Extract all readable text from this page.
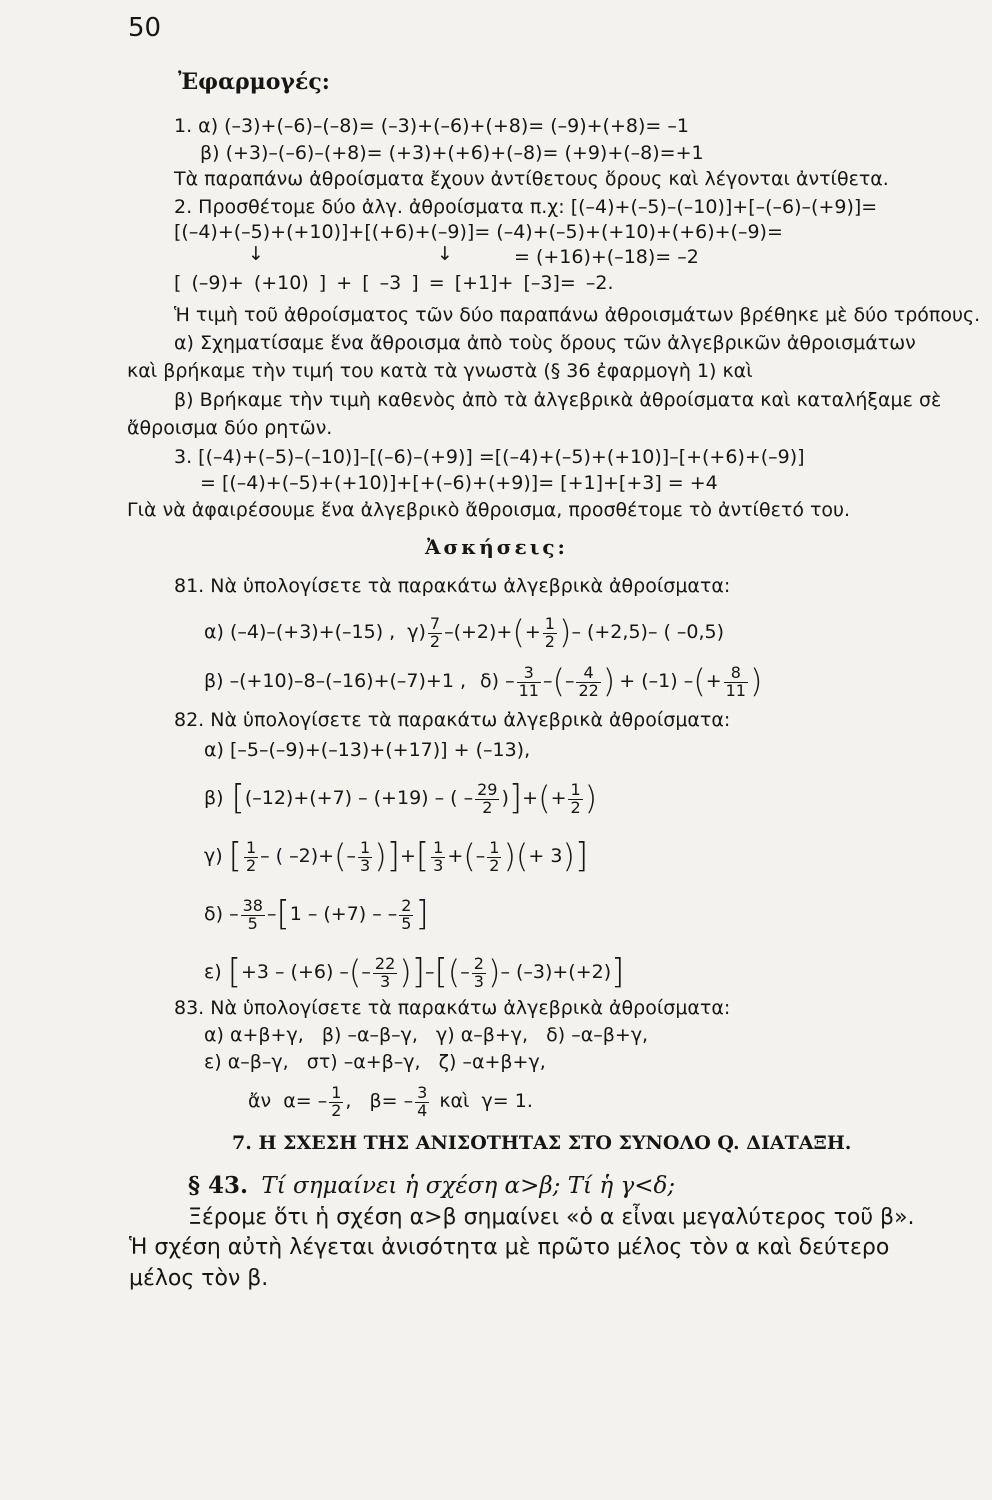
50
Ἐφαρμογές:
1. α) (–3)+(–6)–(–8)= (–3)+(–6)+(+8)= (–9)+(+8)= –1
β) (+3)–(–6)–(+8)= (+3)+(+6)+(–8)= (+9)+(–8)=+1
Τὰ παραπάνω ἀθροίσματα ἔχουν ἀντίθετους ὅρους καὶ λέγονται ἀντίθετα.
2. Προσθέτομε δύο ἀλγ. ἀθροίσματα π.χ: [(–4)+(–5)–(–10)]+[–(–6)–(+9)]=
[(–4)+(–5)+(+10)]+[(+6)+(–9)]= (–4)+(–5)+(+10)+(+6)+(–9)=
↓	↓	= (+16)+(–18)= –2
[ (–9)+ (+10) ] + [ –3 ] = [+1]+ [–3]= –2.
Ἡ τιμὴ τοῦ ἀθροίσματος τῶν δύο παραπάνω ἀθροισμάτων βρέθηκε μὲ δύο τρόπους.
α) Σχηματίσαμε ἕνα ἄθροισμα ἀπὸ τοὺς ὅρους τῶν ἀλγεβρικῶν ἀθροισμάτων
καὶ βρήκαμε τὴν τιμή του κατὰ τὰ γνωστὰ (§ 36 ἐφαρμογὴ 1) καὶ
β) Βρήκαμε τὴν τιμὴ καθενὸς ἀπὸ τὰ ἀλγεβρικὰ ἀθροίσματα καὶ καταλήξαμε σὲ
ἄθροισμα δύο ρητῶν.
3. [(–4)+(–5)–(–10)]–[(–6)–(+9)] =[(–4)+(–5)+(+10)]–[+(+6)+(–9)]
= [(–4)+(–5)+(+10)]+[+(–6)+(+9)]= [+1]+[+3] = +4
Γιὰ νὰ ἀφαιρέσουμε ἕνα ἀλγεβρικὸ ἄθροισμα, προσθέτομε τὸ ἀντίθετό του.
Ἀσκήσεις:
81. Νὰ ὑπολογίσετε τὰ παρακάτω ἀλγεβρικὰ ἀθροίσματα:
α) (–4)–(+3)+(–15) , $\gamma) \frac{7}{2} -(+2)+$ ( + $\frac{1}{2}$ ) – (+2,5)– ( –0,5)
β) –(+10)–8–(–16)+(–7)+1 , $\delta) - \frac{3}{11}$ – ( – $\frac{4}{22}$ ) + (–1) – ( + $\frac{8}{11}$ )
82. Νὰ ὑπολογίσετε τὰ παρακάτω ἀλγεβρικὰ ἀθροίσματα:
α) [–5–(–9)+(–13)+(+17)] + (–13),
β) [ (–12)+(+7) – (+19) – ( – $\frac{29}{2}$ ) ] + ( + $\frac{1}{2}$ )
γ) [ $\frac{1}{2}$ – ( –2)+ ( – $\frac{1}{3}$ ) ] + [ $\frac{1}{3}$ + ( – $\frac{1}{2}$ ) ( + 3 ) ]
$\delta) - \frac{38}{5}$ – [ 1 – (+7) – – $\frac{2}{5}$ ]
ε) [ +3 – (+6) – ( – $\frac{22}{3}$ ) ] – [ ( – $\frac{2}{3}$ ) – (–3)+(+2) ]
83. Νὰ ὑπολογίσετε τὰ παρακάτω ἀλγεβρικὰ ἀθροίσματα:
α) α+β+γ,   β) –α–β–γ,   γ) α–β+γ,   δ) –α–β+γ,
ε) α–β–γ,   στ) –α+β–γ,   ζ) –α+β+γ,
ἄν  $\alpha= - \frac{1}{2}$ ,   $\beta= - \frac{3}{4}$ καὶ  γ= 1.
7. Η ΣΧΕΣΗ ΤΗΣ ΑΝΙΣΟΤΗΤΑΣ ΣΤΟ ΣΥΝΟΛΟ Q. ΔΙΑΤΑΞΗ.
§ 43. Τί σημαίνει ἡ σχέση α>β; Τί ἡ γ<δ;
Ξέρομε ὅτι ἡ σχέση α>β σημαίνει «ὁ α εἶναι μεγαλύτερος τοῦ β».
Ἡ σχέση αὐτὴ λέγεται ἀνισότητα μὲ πρῶτο μέλος τὸν α καὶ δεύτερο
μέλος τὸν β.
